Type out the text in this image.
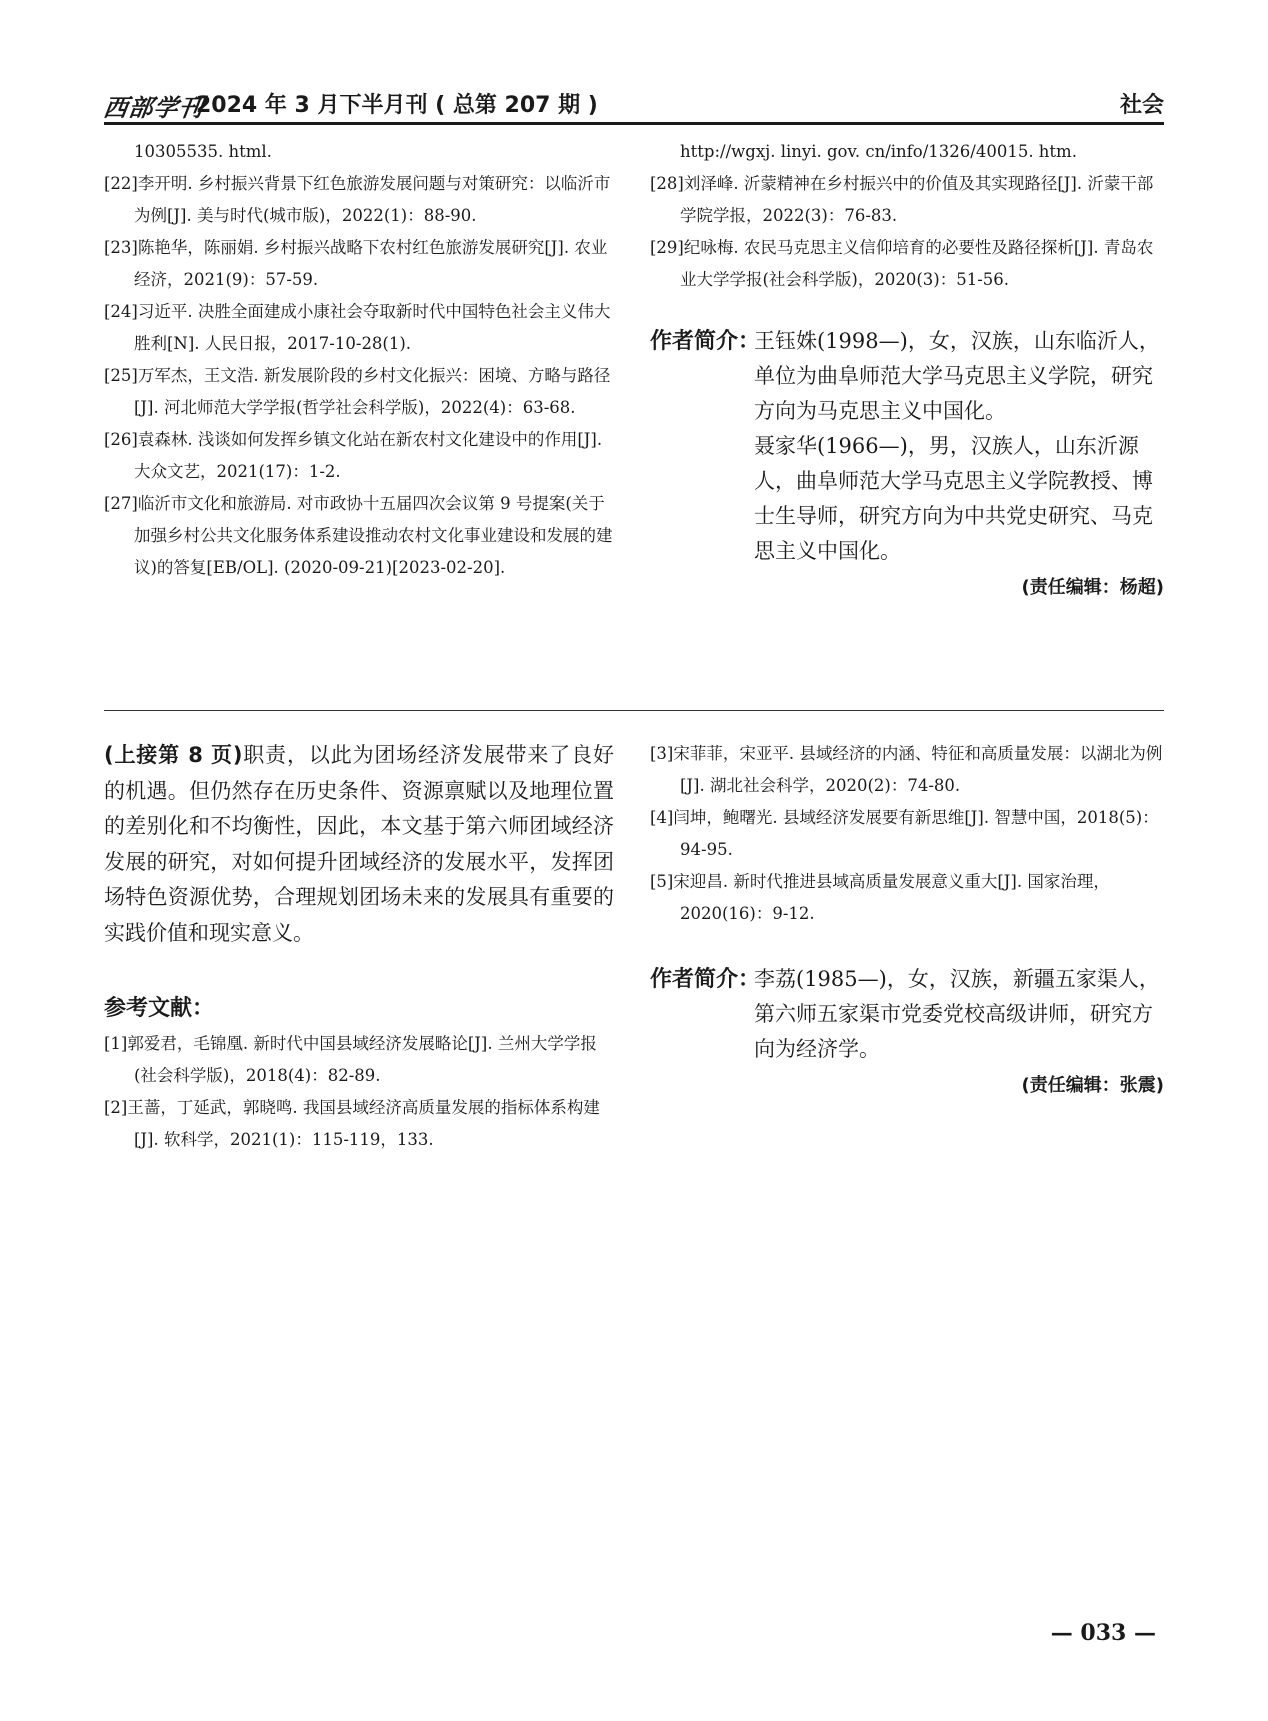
西部学刊
2024 年 3 月下半月刊 ( 总第 207 期 )	社会

10305535. html.

[22]李开明. 乡村振兴背景下红色旅游发展问题与对策研究：以临沂市为例[J]. 美与时代(城市版)，2022(1)：88-90.

[23]陈艳华，陈丽娟. 乡村振兴战略下农村红色旅游发展研究[J]. 农业经济，2021(9)：57-59.

[24]习近平. 决胜全面建成小康社会夺取新时代中国特色社会主义伟大胜利[N]. 人民日报，2017-10-28(1).

[25]万军杰，王文浩. 新发展阶段的乡村文化振兴：困境、方略与路径[J]. 河北师范大学学报(哲学社会科学版)，2022(4)：63-68.

[26]袁森林. 浅谈如何发挥乡镇文化站在新农村文化建设中的作用[J]. 大众文艺，2021(17)：1-2.

[27]临沂市文化和旅游局. 对市政协十五届四次会议第 9 号提案(关于加强乡村公共文化服务体系建设推动农村文化事业建设和发展的建议)的答复[EB/OL]. (2020-09-21)[2023-02-20].

http://wgxj. linyi. gov. cn/info/1326/40015. htm.

[28]刘泽峰. 沂蒙精神在乡村振兴中的价值及其实现路径[J]. 沂蒙干部学院学报，2022(3)：76-83.

[29]纪咏梅. 农民马克思主义信仰培育的必要性及路径探析[J]. 青岛农业大学学报(社会科学版)，2020(3)：51-56.

作者简介：

王钰姝(1998—)，女，汉族，山东临沂人，单位为曲阜师范大学马克思主义学院，研究方向为马克思主义中国化。

聂家华(1966—)，男，汉族人，山东沂源人，曲阜师范大学马克思主义学院教授、博士生导师，研究方向为中共党史研究、马克思主义中国化。

(责任编辑：杨超)

(上接第 8 页)职责，以此为团场经济发展带来了良好的机遇。但仍然存在历史条件、资源禀赋以及地理位置的差别化和不均衡性，因此，本文基于第六师团域经济发展的研究，对如何提升团域经济的发展水平，发挥团场特色资源优势，合理规划团场未来的发展具有重要的实践价值和现实意义。

参考文献：

[1]郭爱君，毛锦凰. 新时代中国县域经济发展略论[J]. 兰州大学学报(社会科学版)，2018(4)：82-89.

[2]王蔷，丁延武，郭晓鸣. 我国县域经济高质量发展的指标体系构建[J]. 软科学，2021(1)：115-119，133.

[3]宋菲菲，宋亚平. 县域经济的内涵、特征和高质量发展：以湖北为例[J]. 湖北社会科学，2020(2)：74-80.

[4]闫坤，鲍曙光. 县域经济发展要有新思维[J]. 智慧中国，2018(5)：94-95.

[5]宋迎昌. 新时代推进县域高质量发展意义重大[J]. 国家治理，2020(16)：9-12.

作者简介：

李荔(1985—)，女，汉族，新疆五家渠人，第六师五家渠市党委党校高级讲师，研究方向为经济学。

(责任编辑：张震)
— 033 —
